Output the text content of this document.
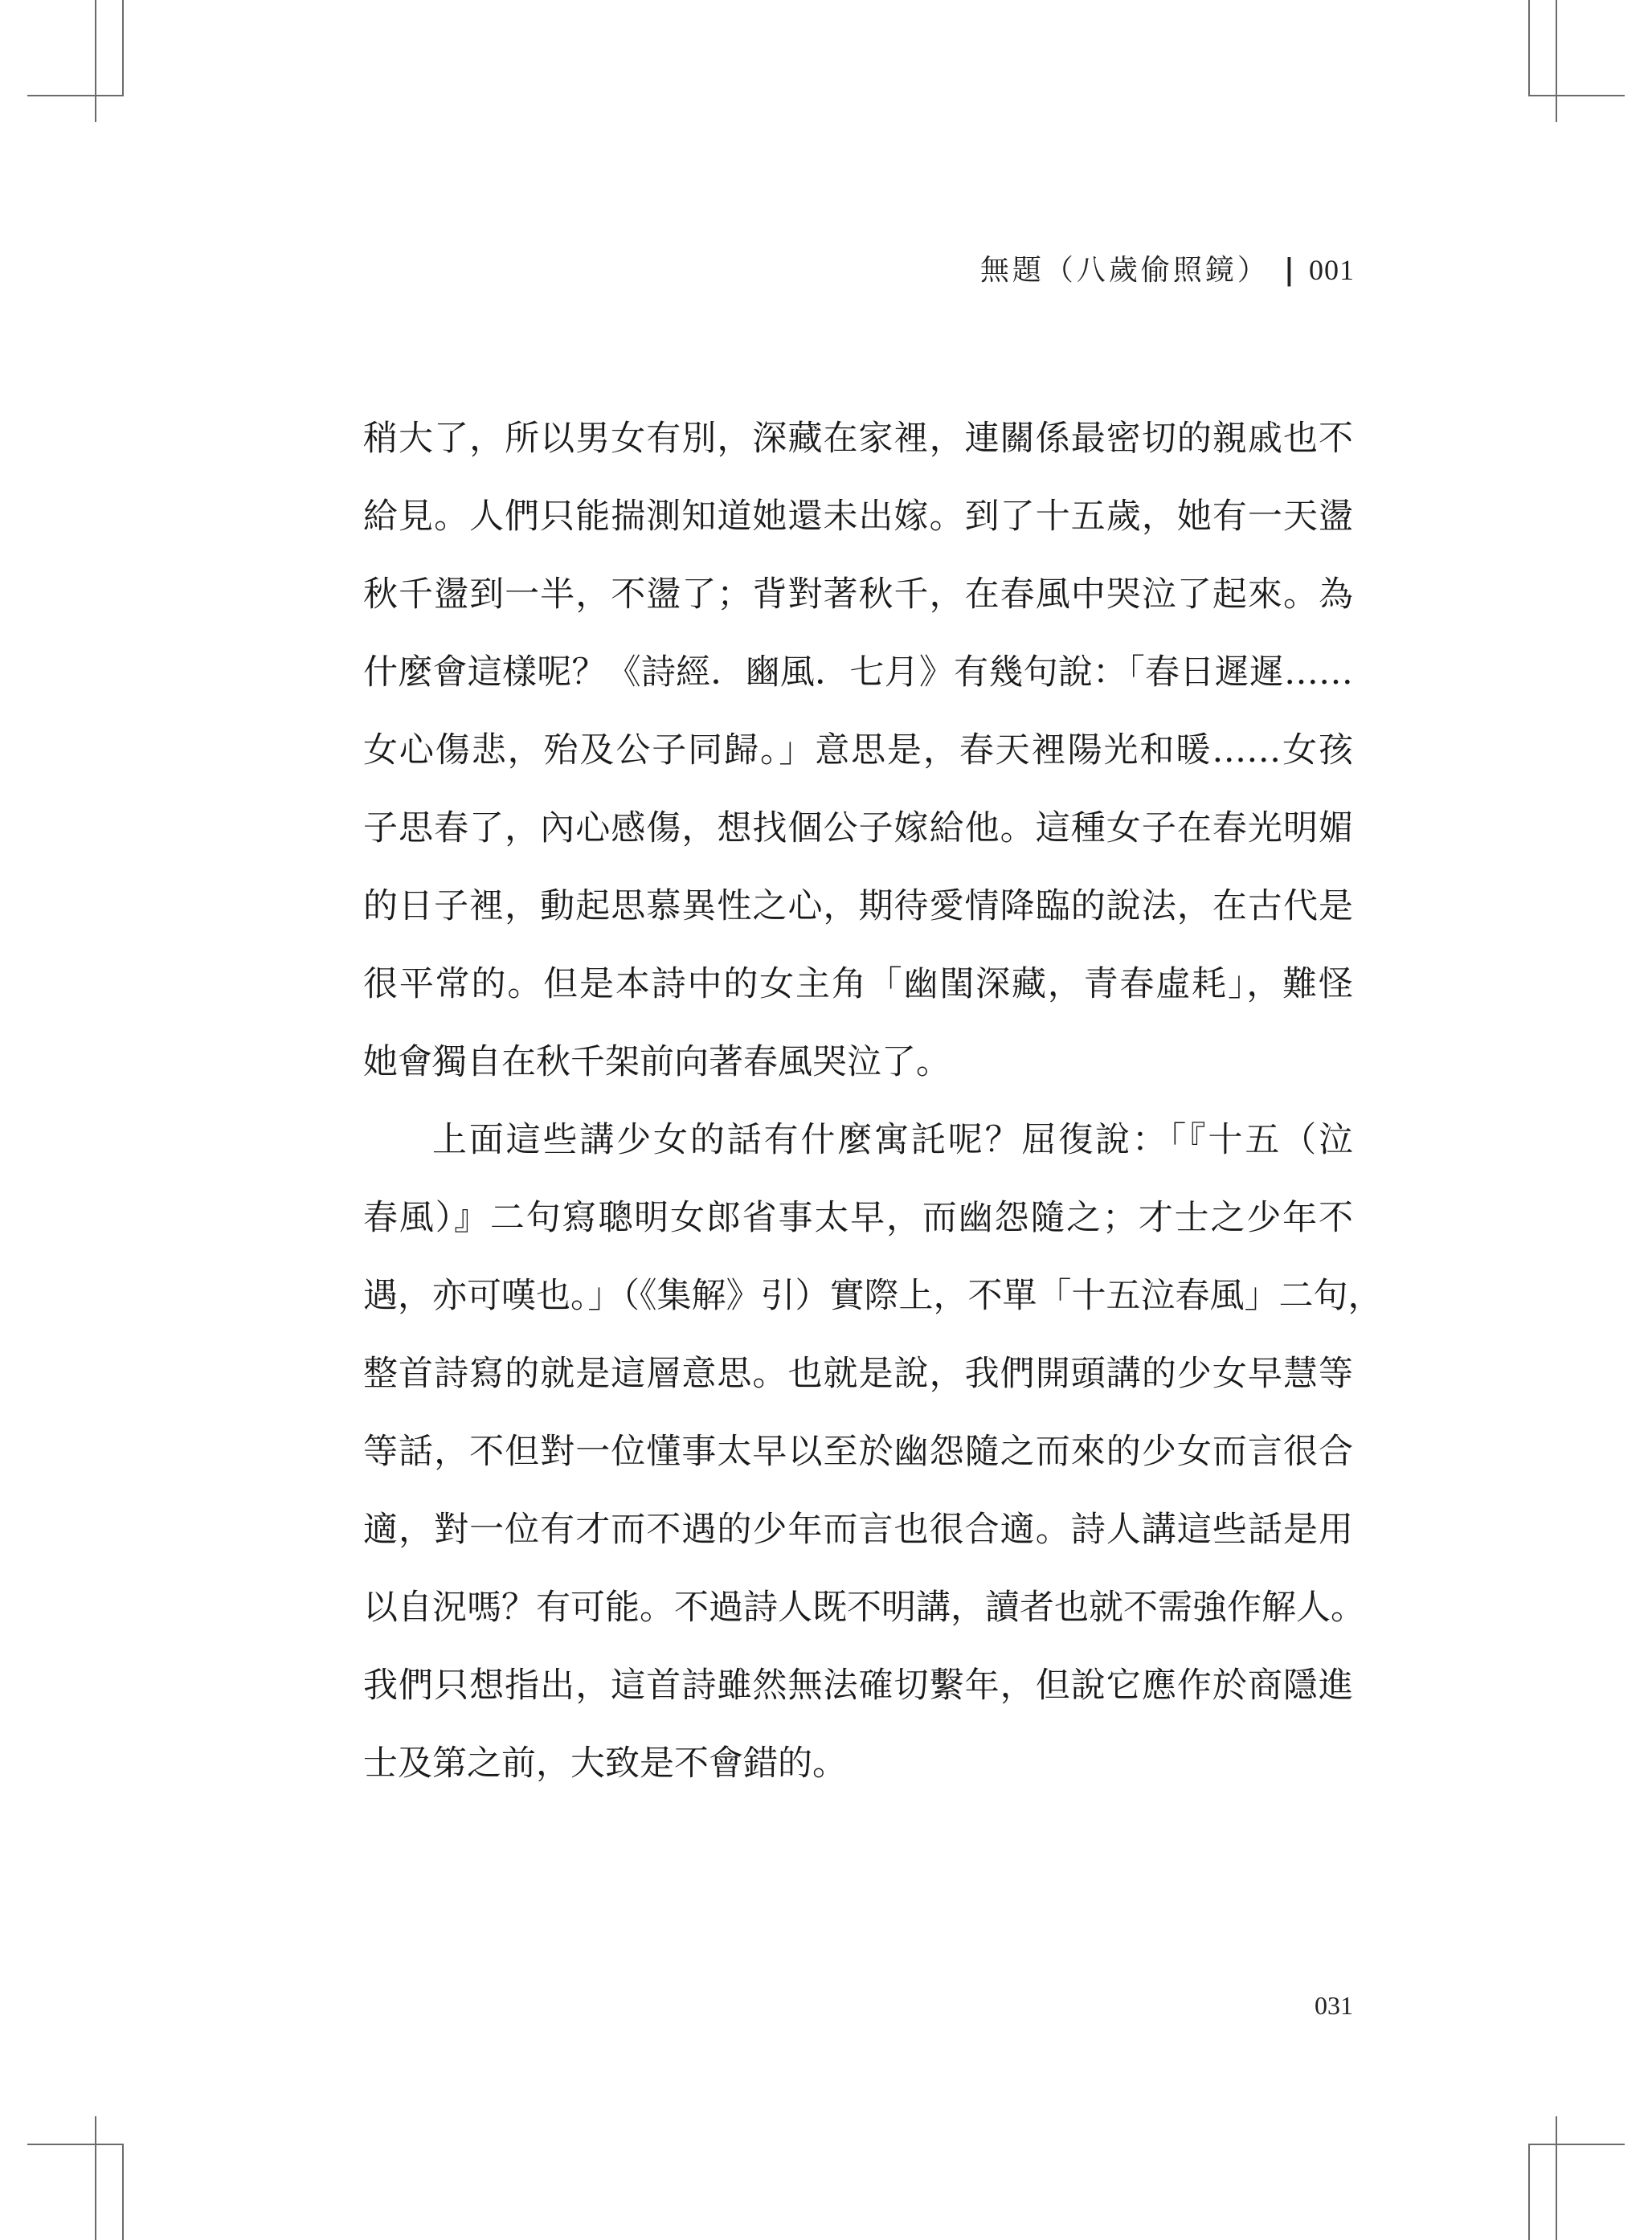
無題（八歲偷照鏡） | 001
稍大了，所以男女有別，深藏在家裡，連關係最密切的親戚也不
給見。人們只能揣測知道她還未出嫁。到了十五歲，她有一天盪
秋千盪到一半，不盪了；背對著秋千，在春風中哭泣了起來。為
什麼會這樣呢？《詩經．豳風．七月》有幾句說：「春日遲遲……
女心傷悲，殆及公子同歸。」意思是，春天裡陽光和暖……女孩
子思春了，內心感傷，想找個公子嫁給他。這種女子在春光明媚
的日子裡，動起思慕異性之心，期待愛情降臨的說法，在古代是
很平常的。但是本詩中的女主角「幽閨深藏，青春虛耗」，難怪
她會獨自在秋千架前向著春風哭泣了。
上面這些講少女的話有什麼寓託呢？屈復說：「『十五（泣
春風）』二句寫聰明女郎省事太早，而幽怨隨之；才士之少年不
遇，亦可嘆也。」（《集解》引）實際上，不單「十五泣春風」二句，
整首詩寫的就是這層意思。也就是說，我們開頭講的少女早慧等
等話，不但對一位懂事太早以至於幽怨隨之而來的少女而言很合
適，對一位有才而不遇的少年而言也很合適。詩人講這些話是用
以自況嗎？有可能。不過詩人既不明講，讀者也就不需強作解人。
我們只想指出，這首詩雖然無法確切繫年，但說它應作於商隱進
士及第之前，大致是不會錯的。
031
